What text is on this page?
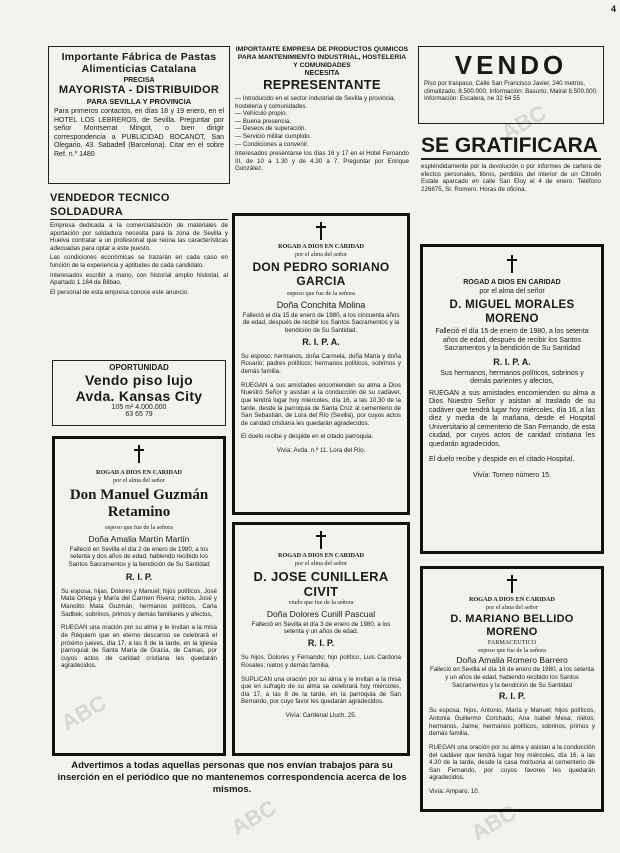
ABC
ABC	ABC
ABC
4

Importante Fábrica de Pastas Alimenticias Catalana

PRECISA

MAYORISTA - DISTRIBUIDOR

PARA SEVILLA Y PROVINCIA

Para primeros contactos, en días 18 y 19 enero, en el HOTEL LOS LEBREROS, de Sevilla. Preguntar por señor Montserrat Mingot, o bien dirigir correspondencia a PUBLICIDAD BOCANOT, San Olegario, 43. Sabadell (Barcelona). Citar en el sobre Ref. n.º 1480

VENDEDOR TECNICO SOLDADURA

Empresa dedicada a la comercialización de materiales de aportación por soldadura necesita para la zona de Sevilla y Huelva contratar a un profesional que reúna las características adecuadas para optar a este puesto.

Las condiciones económicas se trazarán en cada caso en función de la experiencia y aptitudes de cada candidato.

Interesados escribir a mano, con historial amplio historial, al Apartado 1.184 de Bilbao.

El personal de esta empresa conoce este anuncio.

OPORTUNIDAD

Vendo piso lujo

Avda. Kansas City

105 m² 4.000.000

63 65 79

ROGAD A DIOS EN CARIDAD

por el alma del señor

Don Manuel Guzmán Retamino

esposo que fue de la señora

Doña Amalia Martín Martín

Falleció en Sevilla el día 2 de enero de 1980, a los setenta y dos años de edad, habiendo recibido los Santos Sacramentos y la bendición de Su Santidad

R. I. P.

Su esposa; hijas, Dolores y Manuel; hijos políticos, José Mata Ortega y María del Carmen Rivera; nietos, José y Manolito Mata Guzmán; hermanos políticos, Carla Sadbek; sobrinos, primos y demás familiares y afectos,

RUEGAN una oración por su alma y le invitan a la misa de Réquiem que en eterno descanso se celebrará el próximo jueves, día 17, a las 8 de la tarde, en la iglesia parroquial de Santa María de Gracia, de Camas, por cuyos actos de caridad cristiana les quedarán agradecidos.

IMPORTANTE EMPRESA DE PRODUCTOS QUIMICOS PARA MANTENIMIENTO INDUSTRIAL, HOSTELERIA Y COMUNIDADES

NECESITA

REPRESENTANTE

— Introducido en el sector industrial de Sevilla y provincia, hostelería y comunidades.

— Vehículo propio.

— Buena presencia.

— Deseos de superación.

— Servicio militar cumplido.

— Condiciones a convenir.

Interesados presentarse los días 16 y 17 en el Hotel Fernando III, de 10 a 1.30 y de 4.30 a 7. Preguntar por Enrique González.

ROGAD A DIOS EN CARIDAD

por el alma del señor

DON PEDRO SORIANO GARCIA

esposo que fue de la señora

Doña Conchita Molina

Falleció el día 15 de enero de 1980, a los cincuenta años de edad, después de recibir los Santos Sacramentos y la bendición de Su Santidad.

R. I. P. A.

Su esposo; hermanos, doña Carmela, doña María y doña Rosario; padres políticos; hermanos políticos, sobrinos y demás familia.

RUEGAN a sus amistades encomienden su alma a Dios Nuestro Señor y asistan a la conducción de su cadáver, que tendrá lugar hoy miércoles, día 16, a las 10,30 de la tarde, desde la parroquia de Santa Cruz al cementerio de San Sebastián, de Lora del Río (Sevilla), por cuyos actos de caridad cristiana les quedarán agradecidos.

El duelo recibe y despide en el citado parroquia.

Vivía: Avda. n.º 11. Lora del Río.

ROGAD A DIOS EN CARIDAD

por el alma del señor

D. JOSE CUNILLERA

CIVIT

viudo que fue de la señora

Doña Dolores Cunill Pascual

Falleció en Sevilla el día 3 de enero de 1980, a los setenta y un años de edad.

R. I. P.

Su hijos, Dolores y Fernando; hijo político, Luis Cardona Rosales; nietos y demás familia,

SUPLICAN una oración por su alma y le invitan a la misa que en sufragio de su alma se celebrará hoy miércoles, día 17, a las 8 de la tarde, en la parroquia de San Bernardo, por cuyo favor les quedarán agradecidos.

Vivía: Cardenal Lluch, 25.

VENDO

Piso por traspaso, Calle San Francisco Javier, 240 metros, climatizado, 8.500.000. Información: Basurto, Mairal 8.500.000. Información: Escalera, ne 32 64 55

SE GRATIFICARA

espléndidamente por la devolución o por informes de cartera de efectos personales, libros, perdidos del interior de un Citroën Estate aparcado en calle San Eloy el 4 de enero. Teléfono 226875, Sr. Romero. Horas de oficina.

ROGAD A DIOS EN CARIDAD

por el alma del señor

D. MIGUEL MORALES MORENO

Falleció el día 15 de enero de 1980, a los setenta años de edad, después de recibir los Santos Sacramentos y la bendición de Su Santidad

R. I. P. A.

Sus hermanos, hermanos políticos, sobrinos y demás parientes y afectos,

RUEGAN a sus amistades encomienden su alma a Dios Nuestro Señor y asistan al traslado de su cadáver que tendrá lugar hoy miércoles, día 16, a las diez y media de la mañana, desde el Hospital Universitario al cementerio de San Fernando, de esta ciudad, por cuyos actos de caridad cristiana les quedarán agradecidos.

El duelo recibe y despide en el citado Hospital.

Vivía: Torneo número 15.

ROGAD A DIOS EN CARIDAD

por el alma del señor

D. MARIANO BELLIDO MORENO

FARMACEUTICO

esposo que fue de la señora

Doña Amalia Romero Barrero

Falleció en Sevilla el día 16 de enero de 1980, a los setenta y un años de edad, habiendo recibido los Santos Sacramentos y la bendición de Su Santidad

R. I. P.

Su esposa; hijos, Antonio, María y Manuel; hijos políticos, Antonia Guillermo Corchado, Ana Isabel Mesa; nietos; hermanos, Jaime; hermanos políticos, sobrinos, primos y demás familia,

RUEGAN una oración por su alma y asistan a la conducción del cadáver que tendrá lugar hoy miércoles, día 16, a las 4.30 de la tarde, desde la casa mortuoria al cementerio de San Fernando, por cuyos favores les quedarán agradecidos.

Vivía: Amparo, 10.

Advertimos a todas aquellas personas que nos envían trabajos para su inserción en el periódico que no mantenemos correspondencia acerca de los mismos.
